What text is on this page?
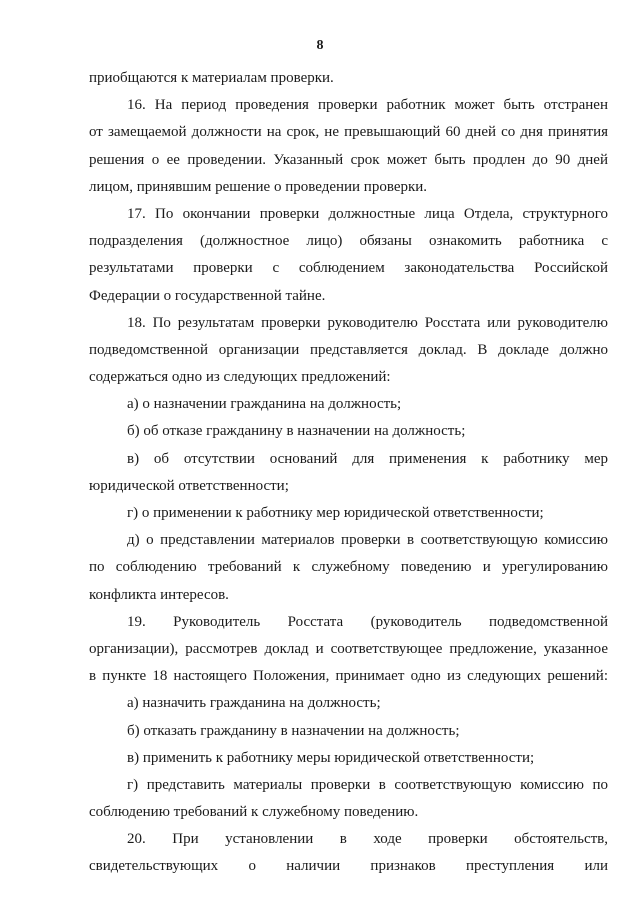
8
приобщаются к материалам проверки.
16. На период проведения проверки работник может быть отстранен
от замещаемой должности на срок, не превышающий 60 дней со дня принятия
решения о ее проведении. Указанный срок может быть продлен до 90 дней
лицом, принявшим решение о проведении проверки.
17. По окончании проверки должностные лица Отдела, структурного
подразделения (должностное лицо) обязаны ознакомить работника с
результатами проверки с соблюдением законодательства Российской
Федерации о государственной тайне.
18. По результатам проверки руководителю Росстата или руководителю
подведомственной организации представляется доклад. В докладе должно
содержаться одно из следующих предложений:
а) о назначении гражданина на должность;
б) об отказе гражданину в назначении на должность;
в) об отсутствии оснований для применения к работнику мер
юридической ответственности;
г) о применении к работнику мер юридической ответственности;
д) о представлении материалов проверки в соответствующую комиссию
по соблюдению требований к служебному поведению и урегулированию
конфликта интересов.
19. Руководитель Росстата (руководитель подведомственной
организации), рассмотрев доклад и соответствующее предложение, указанное
в пункте 18 настоящего Положения, принимает одно из следующих решений:
а) назначить гражданина на должность;
б) отказать гражданину в назначении на должность;
в) применить к работнику меры юридической ответственности;
г) представить материалы проверки в соответствующую комиссию по
соблюдению требований к служебному поведению.
20. При установлении в ходе проверки обстоятельств,
свидетельствующих о наличии признаков преступления или
